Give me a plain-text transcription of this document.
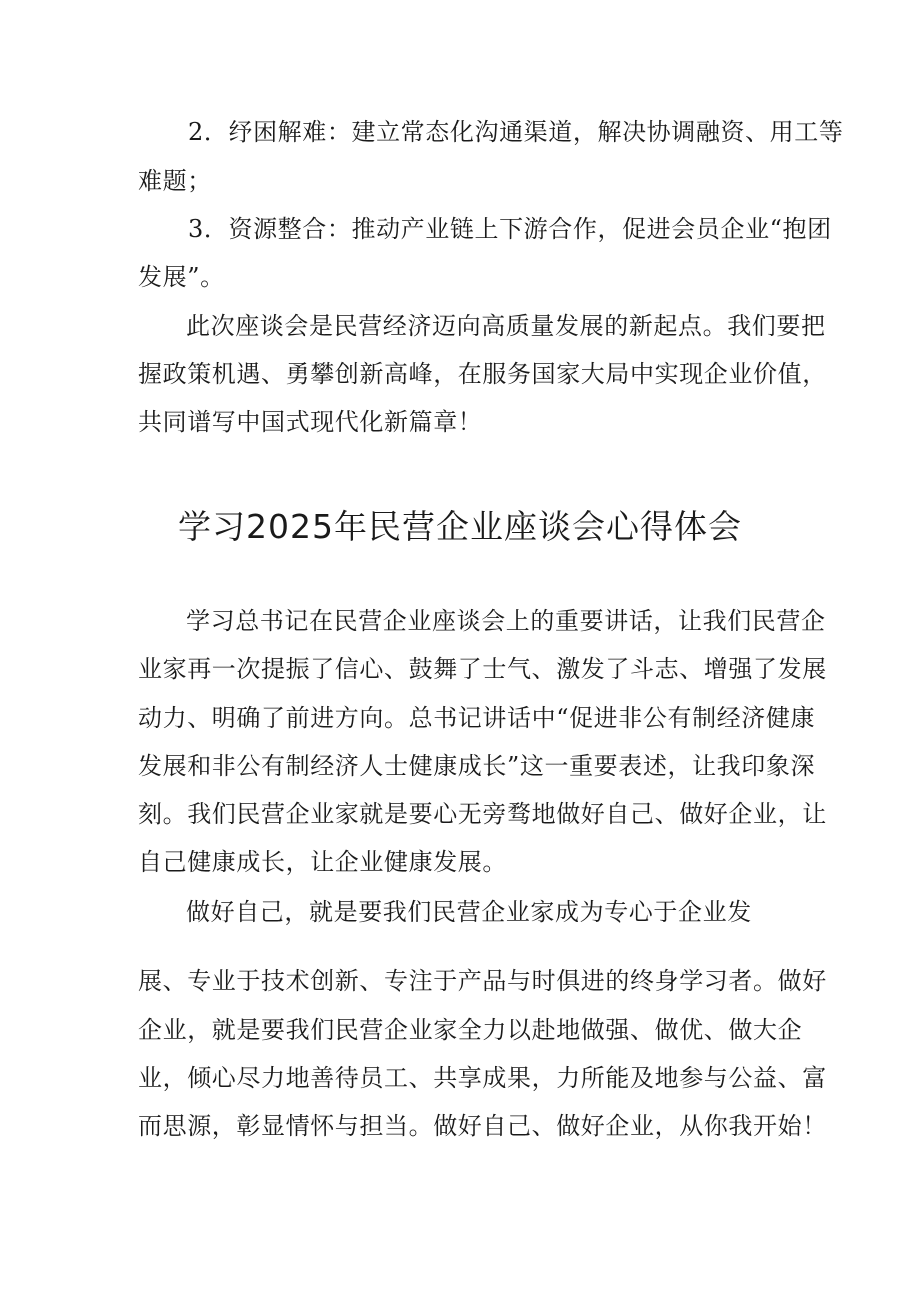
2．纾困解难：建立常态化沟通渠道，解决协调融资、用工等
难题；
3．资源整合：推动产业链上下游合作，促进会员企业“抱团
发展”。
此次座谈会是民营经济迈向高质量发展的新起点。我们要把
握政策机遇、勇攀创新高峰，在服务国家大局中实现企业价值，
共同谱写中国式现代化新篇章！
学习2025年民营企业座谈会心得体会
学习总书记在民营企业座谈会上的重要讲话，让我们民营企
业家再一次提振了信心、鼓舞了士气、激发了斗志、增强了发展
动力、明确了前进方向。总书记讲话中“促进非公有制经济健康
发展和非公有制经济人士健康成长”这一重要表述，让我印象深
刻。我们民营企业家就是要心无旁骛地做好自己、做好企业，让
自己健康成长，让企业健康发展。
做好自己，就是要我们民营企业家成为专心于企业发
展、专业于技术创新、专注于产品与时俱进的终身学习者。做好
企业，就是要我们民营企业家全力以赴地做强、做优、做大企
业，倾心尽力地善待员工、共享成果，力所能及地参与公益、富
而思源，彰显情怀与担当。做好自己、做好企业，从你我开始！
